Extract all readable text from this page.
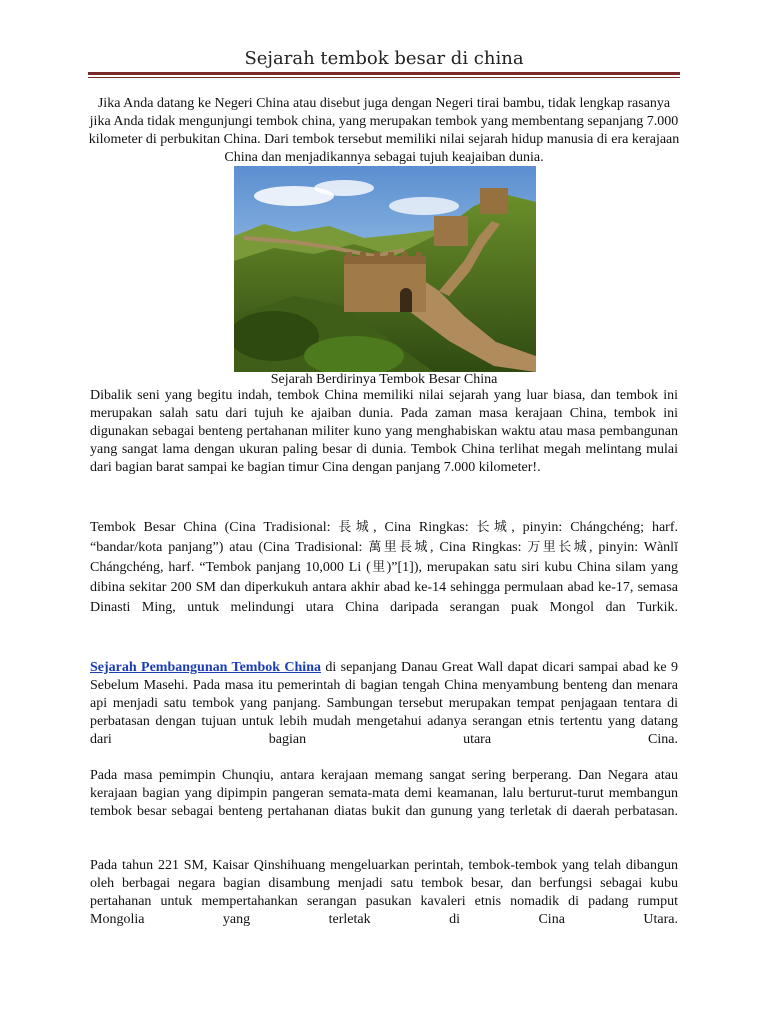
Sejarah tembok besar di china
Jika Anda datang ke Negeri China atau disebut juga dengan Negeri tirai bambu, tidak lengkap rasanya jika Anda tidak mengunjungi tembok china, yang merupakan tembok yang membentang sepanjang 7.000 kilometer di perbukitan China. Dari tembok tersebut memiliki nilai sejarah hidup manusia di era kerajaan China dan menjadikannya sebagai tujuh keajaiban dunia.
Sejarah Berdirinya Tembok Besar China
Dibalik seni yang begitu indah, tembok China memiliki nilai sejarah yang luar biasa, dan tembok ini merupakan salah satu dari tujuh ke ajaiban dunia. Pada zaman masa kerajaan China, tembok ini digunakan sebagai benteng pertahanan militer kuno yang menghabiskan waktu atau masa pembangunan yang sangat lama dengan ukuran paling besar di dunia. Tembok China terlihat megah melintang mulai dari bagian barat sampai ke bagian timur Cina dengan panjang 7.000 kilometer!.
Tembok Besar China (Cina Tradisional: 長城, Cina Ringkas: 长城, pinyin: Chángchéng; harf. “bandar/kota panjang”) atau (Cina Tradisional: 萬里長城, Cina Ringkas: 万里长城, pinyin: Wànlǐ Chángchéng, harf. “Tembok panjang 10,000 Li (里)”[1]), merupakan satu siri kubu China silam yang dibina sekitar 200 SM dan diperkukuh antara akhir abad ke-14 sehingga permulaan abad ke-17, semasa Dinasti Ming, untuk melindungi utara China daripada serangan puak Mongol dan Turkik.
Sejarah Pembangunan Tembok China di sepanjang Danau Great Wall dapat dicari sampai abad ke 9 Sebelum Masehi. Pada masa itu pemerintah di bagian tengah China menyambung benteng dan menara api menjadi satu tembok yang panjang. Sambungan tersebut merupakan tempat penjagaan tentara di perbatasan dengan tujuan untuk lebih mudah mengetahui adanya serangan etnis tertentu yang datang dari bagian utara Cina.
Pada masa pemimpin Chunqiu, antara kerajaan memang sangat sering berperang. Dan Negara atau kerajaan bagian yang dipimpin pangeran semata-mata demi keamanan, lalu berturut-turut membangun tembok besar sebagai benteng pertahanan diatas bukit dan gunung yang terletak di daerah perbatasan.
Pada tahun 221 SM, Kaisar Qinshihuang mengeluarkan perintah, tembok-tembok yang telah dibangun oleh berbagai negara bagian disambung menjadi satu tembok besar, dan berfungsi sebagai kubu pertahanan untuk mempertahankan serangan pasukan kavaleri etnis nomadik di padang rumput Mongolia yang terletak di Cina Utara.
